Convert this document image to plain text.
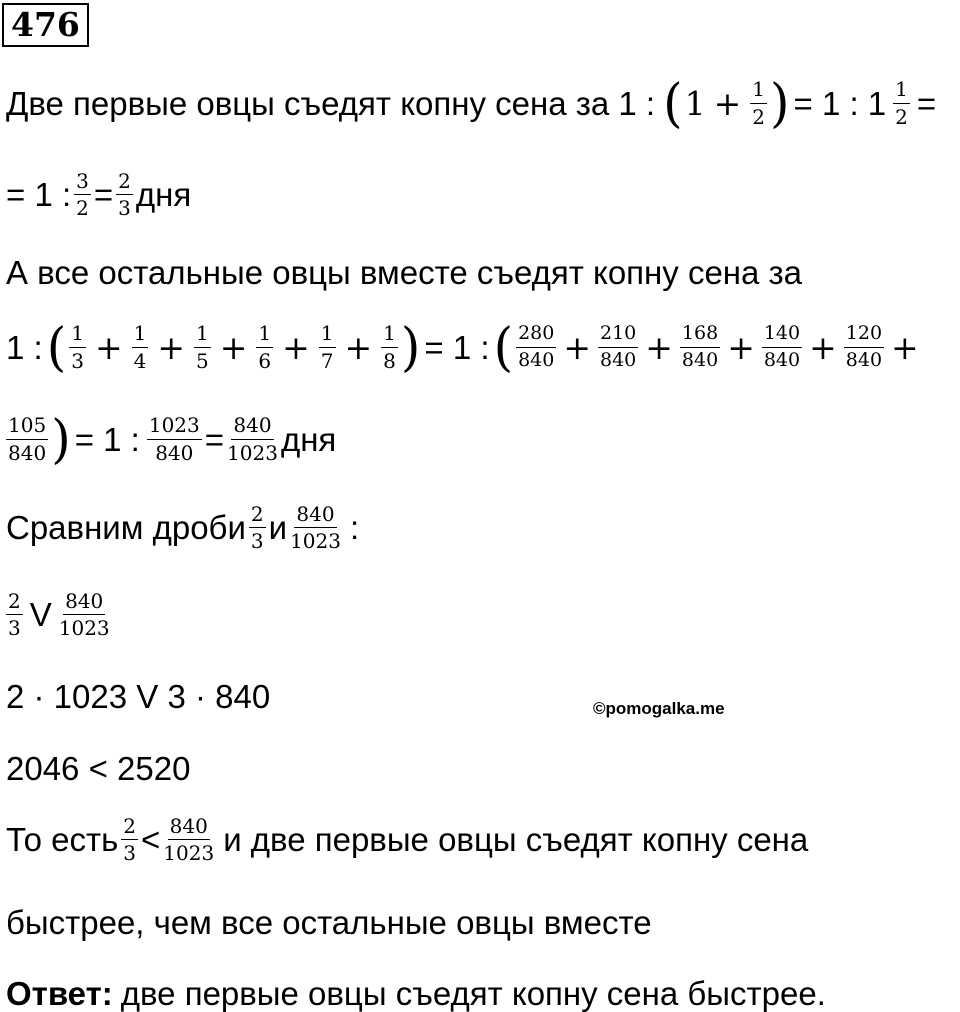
476
Две первые овцы съедят копну сена за 1 : ( $1 + \frac{1}{2}$ ) = 1 : $1 \frac{1}{2}$ =
= 1 : $\frac{3}{2} = \frac{2}{3}$ дня
А все остальные овцы вместе съедят копну сена за
1 : ( $\frac{1}{3} + \frac{1}{4} + \frac{1}{5} + \frac{1}{6} + \frac{1}{7} + \frac{1}{8}$ ) = 1 : ( $\frac{280}{840} + \frac{210}{840} + \frac{168}{840} + \frac{140}{840} + \frac{120}{840}$ +
$\frac{105}{840}$ ) = 1 : $\frac{1023}{840} = \frac{840}{1023}$ дня
Сравним дроби $\frac{2}{3}$ и $\frac{840}{1023}$ :
$\frac{2}{3}$ V $\frac{840}{1023}$
2 · 1023 V 3 · 840	©pomogalka.me
2046 < 2520
То есть $\frac{2}{3} < \frac{840}{1023}$ и две первые овцы съедят копну сена
быстрее, чем все остальные овцы вместе
Ответ: две первые овцы съедят копну сена быстрее.
